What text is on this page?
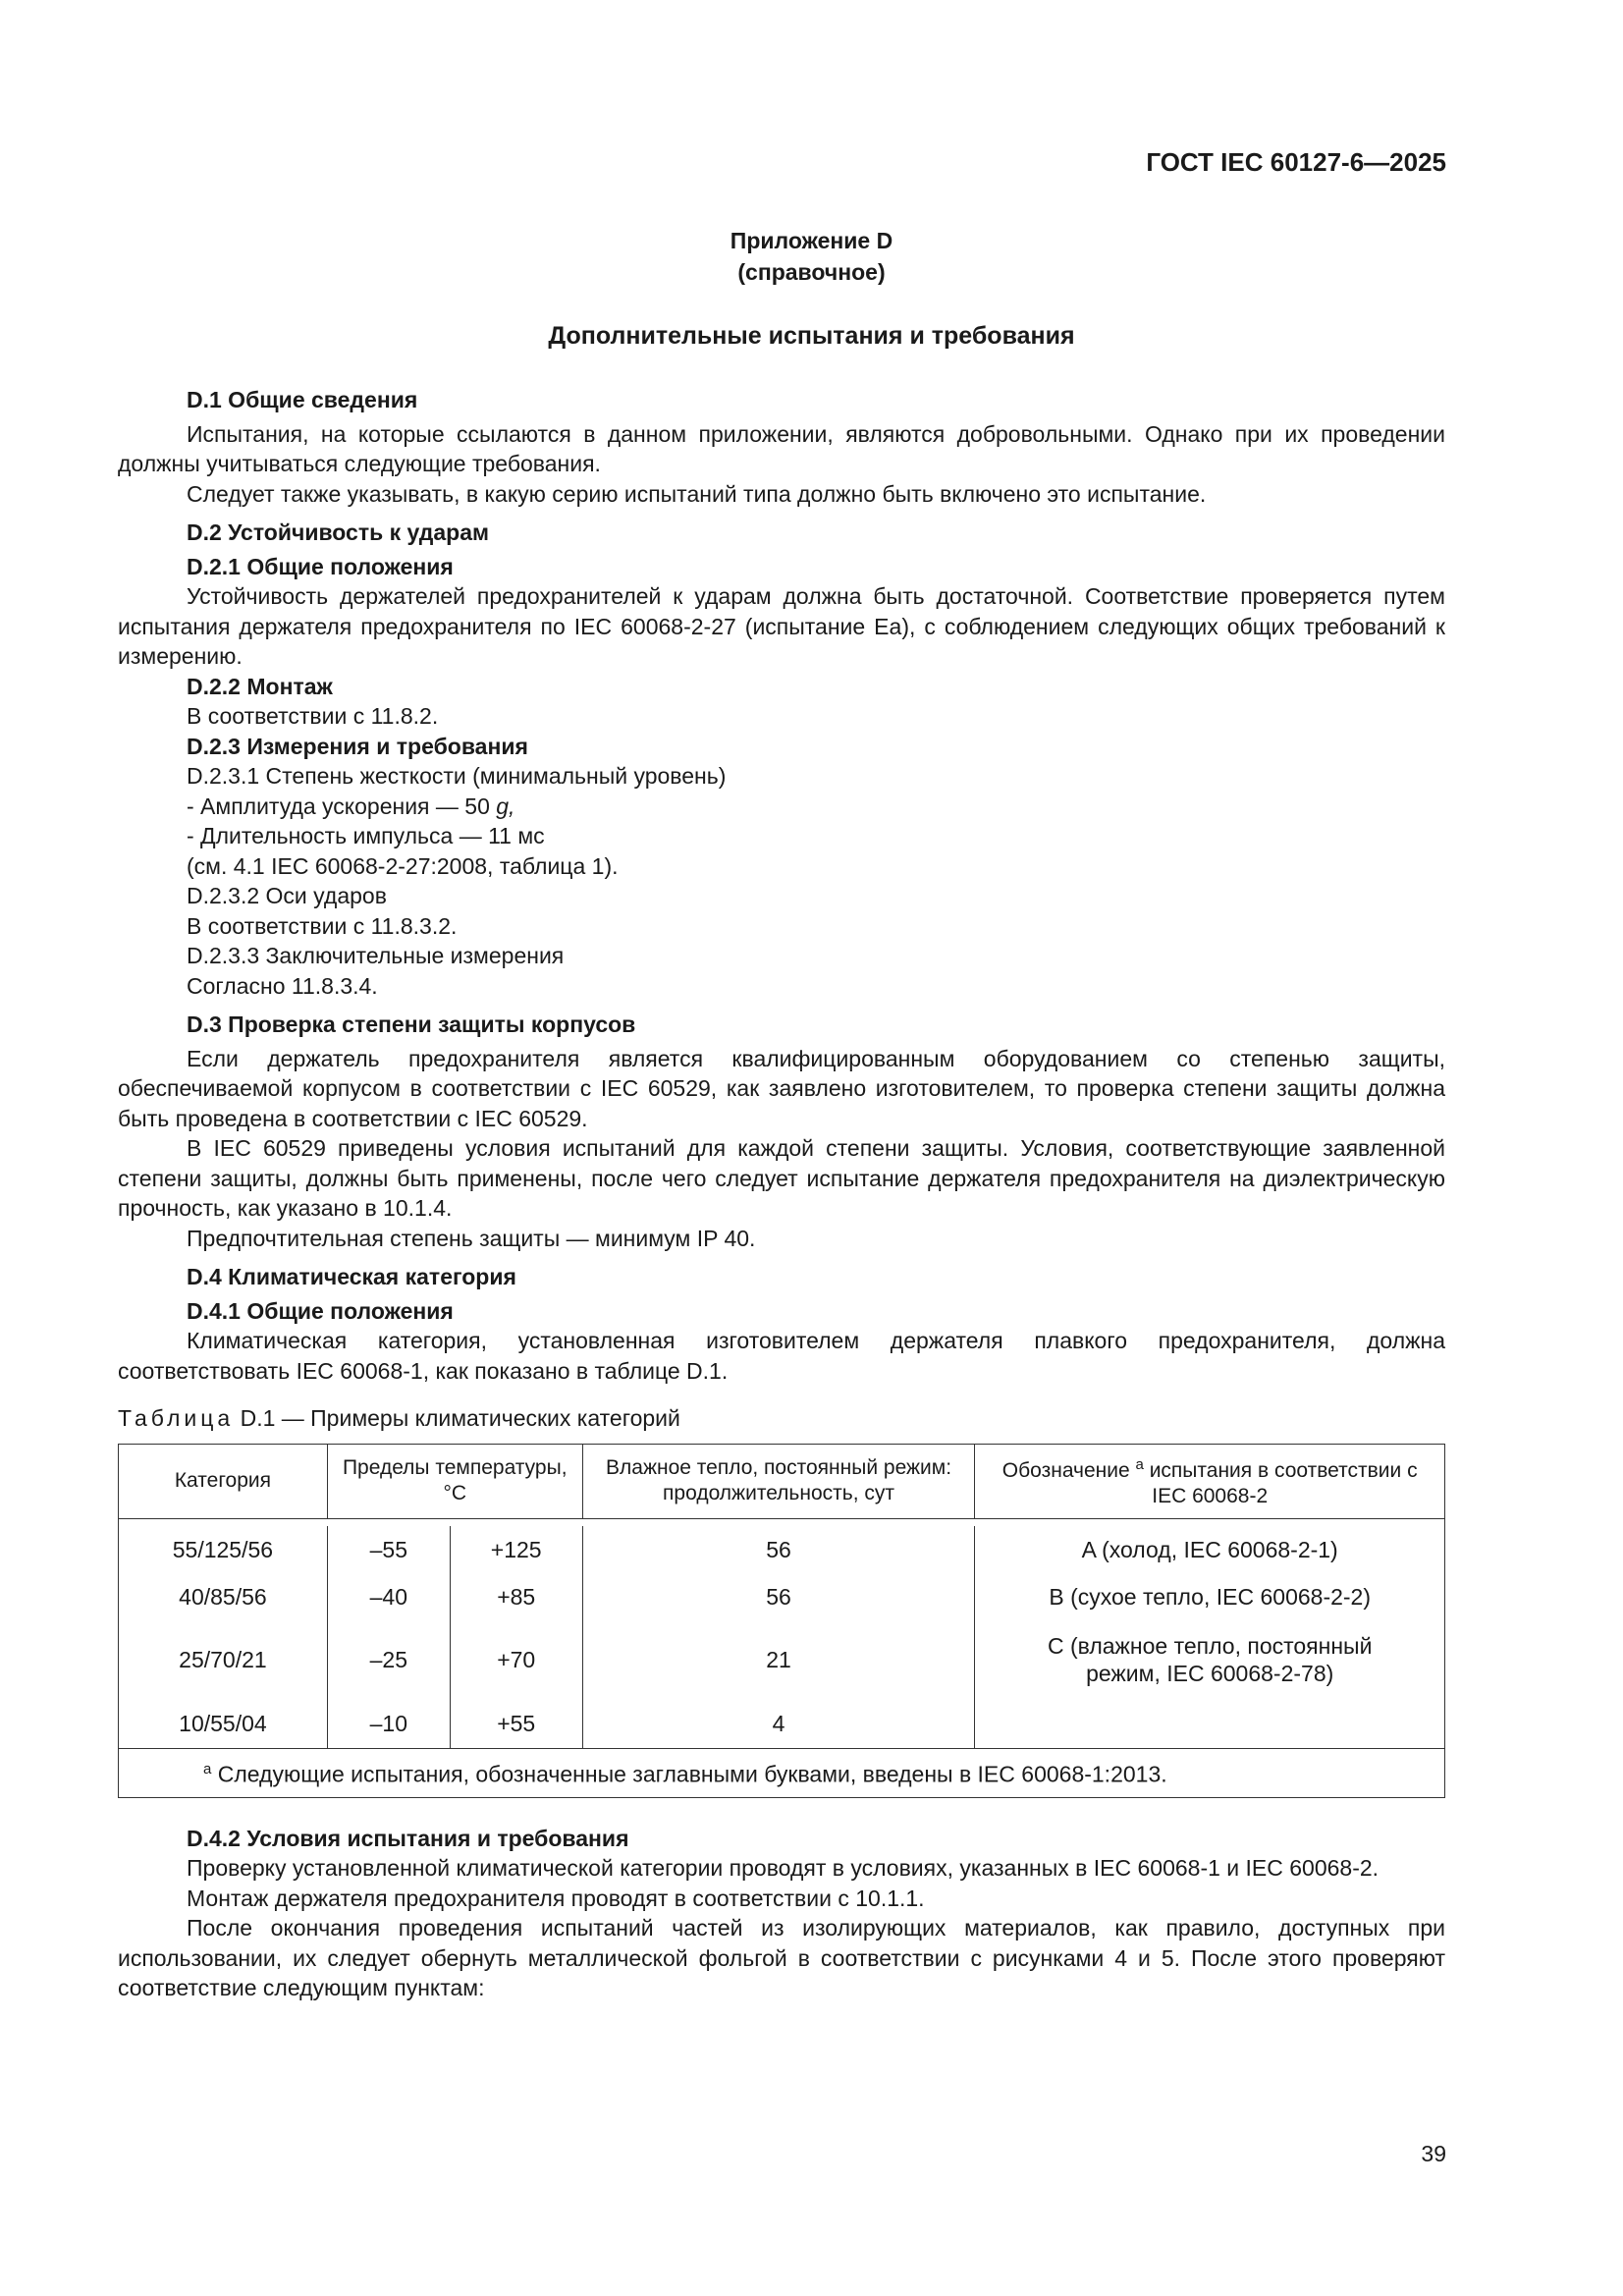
ГОСТ IEC 60127-6—2025
Приложение D
(справочное)
Дополнительные испытания и требования

D.1 Общие сведения

Испытания, на которые ссылаются в данном приложении, являются добровольными. Однако при их проведении должны учитываться следующие требования.

Следует также указывать, в какую серию испытаний типа должно быть включено это испытание.

D.2 Устойчивость к ударам

D.2.1 Общие положения

Устойчивость держателей предохранителей к ударам должна быть достаточной. Соответствие проверяется путем испытания держателя предохранителя по IEC 60068-2-27 (испытание Ea), с соблюдением следующих общих требований к измерению.

D.2.2 Монтаж

В соответствии с 11.8.2.

D.2.3 Измерения и требования

D.2.3.1 Степень жесткости (минимальный уровень)

- Амплитуда ускорения — 50 g,

- Длительность импульса — 11 мс

(см. 4.1 IEC 60068-2-27:2008, таблица 1).

D.2.3.2 Оси ударов

В соответствии с 11.8.3.2.

D.2.3.3 Заключительные измерения

Согласно 11.8.3.4.

D.3 Проверка степени защиты корпусов

Если держатель предохранителя является квалифицированным оборудованием со степенью защиты, обеспечиваемой корпусом в соответствии с IEC 60529, как заявлено изготовителем, то проверка степени защиты должна быть проведена в соответствии с IEC 60529.

В IEC 60529 приведены условия испытаний для каждой степени защиты. Условия, соответствующие заявленной степени защиты, должны быть применены, после чего следует испытание держателя предохранителя на диэлектрическую прочность, как указано в 10.1.4.

Предпочтительная степень защиты — минимум IP 40.

D.4 Климатическая категория

D.4.1 Общие положения

Климатическая категория, установленная изготовителем держателя плавкого предохранителя, должна соответствовать IEC 60068-1, как показано в таблице D.1.

Таблица D.1 — Примеры климатических категорий

Категория	Пределы температуры, °C		Влажное тепло, постоянный режим: продолжительность, сут	Обозначение $^a$ испытания в соответствии с IEC 60068-2

55/125/56	–55	+125	56	A (холод, IEC 60068-2-1)
40/85/56	–40	+85	56	B (сухое тепло, IEC 60068-2-2)
25/70/21	–25	+70	21	C (влажное тепло, постоянный режим, IEC 60068-2-78)
10/55/04	–10	+55	4	
$^a$ Следующие испытания, обозначенные заглавными буквами, введены в IEC 60068-1:2013.				

D.4.2 Условия испытания и требования

Проверку установленной климатической категории проводят в условиях, указанных в IEC 60068-1 и IEC 60068-2.

Монтаж держателя предохранителя проводят в соответствии с 10.1.1.

После окончания проведения испытаний частей из изолирующих материалов, как правило, доступных при использовании, их следует обернуть металлической фольгой в соответствии с рисунками 4 и 5. После этого проверяют соответствие следующим пунктам:

39
